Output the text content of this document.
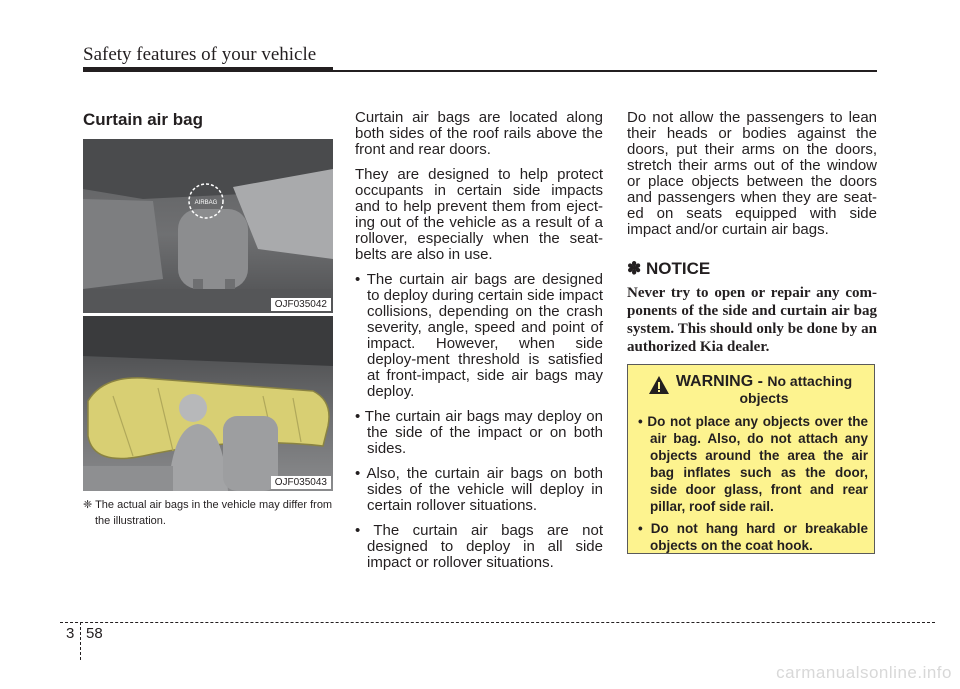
Safety features of your vehicle
Curtain air bag
AIRBAG
OJF035042
OJF035043
❈ The actual air bags in the vehicle may differ from the illustration.

Curtain air bags are located along both sides of the roof rails above the front and rear doors.

They are designed to help protect occupants in certain side impacts and to help prevent them from eject-ing out of the vehicle as a result of a rollover, especially when the seat-belts are also in use.

• The curtain air bags are designed to deploy during certain side impact collisions, depending on the crash severity, angle, speed and point of impact. However, when side deploy-ment threshold is satisfied at front-impact, side air bags may deploy.

• The curtain air bags may deploy on the side of the impact or on both sides.

• Also, the curtain air bags on both sides of the vehicle will deploy in certain rollover situations.

• The curtain air bags are not designed to deploy in all side impact or rollover situations.

Do not allow the passengers to lean their heads or bodies against the doors, put their arms on the doors, stretch their arms out of the window or place objects between the doors and passengers when they are seat-ed on seats equipped with side impact and/or curtain air bags.

✽ NOTICE
Never try to open or repair any com-ponents of the side and curtain air bag system. This should only be done by an authorized Kia dealer.
WARNING - No attaching objects

• Do not place any objects over the air bag. Also, do not attach any objects around the area the air bag inflates such as the door, side door glass, front and rear pillar, roof side rail.

• Do not hang hard or breakable objects on the coat hook.

3 58
carmanualsonline.info
